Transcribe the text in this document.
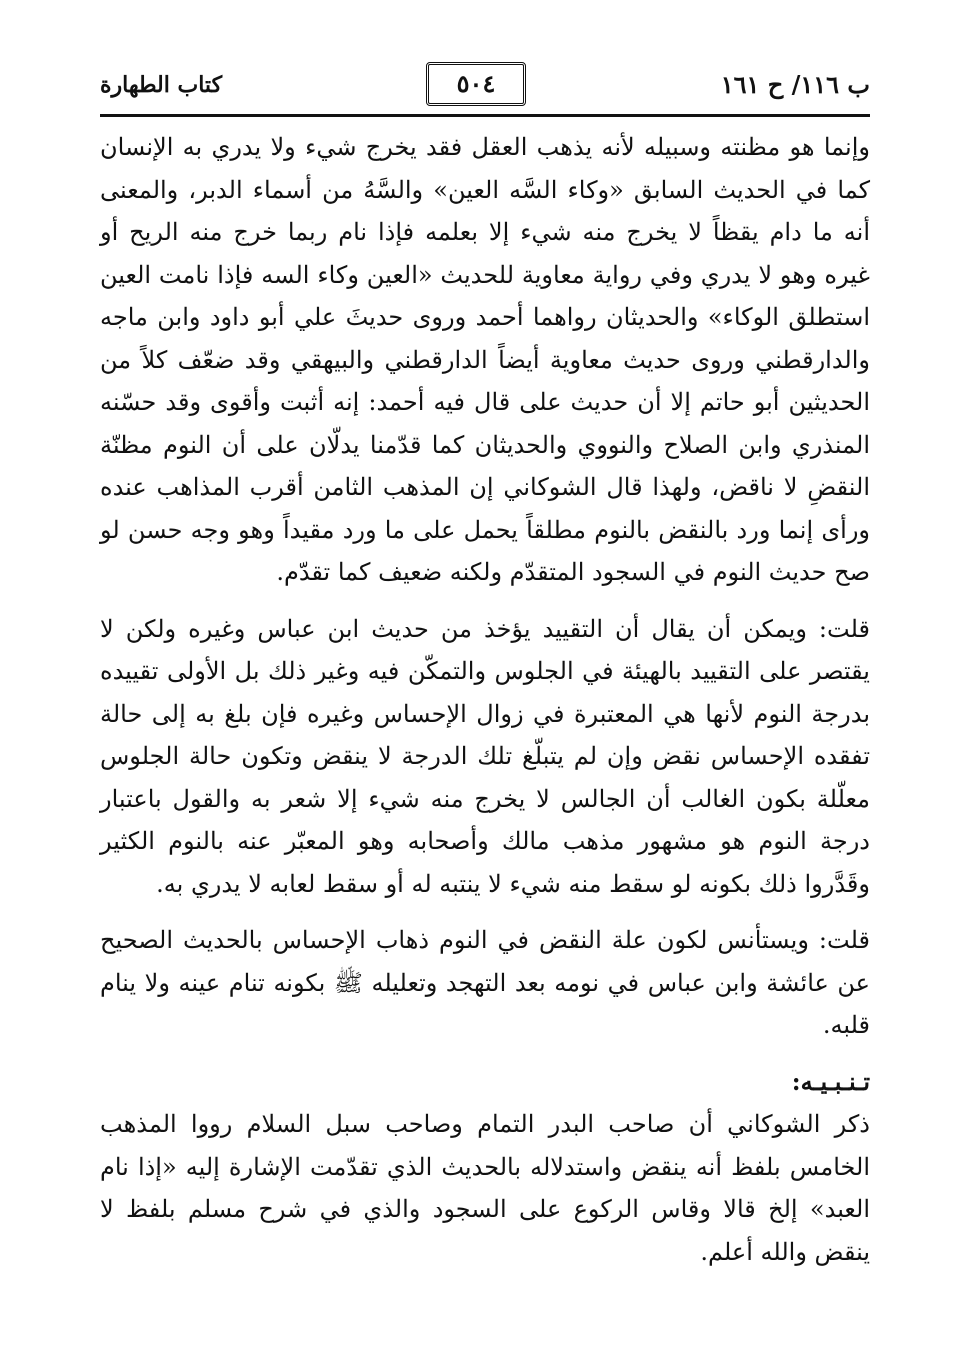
كتاب الطهارة	٥٠٤	ب ١١٦/ ح ١٦١

وإنما هو مظنته وسبيله لأنه يذهب العقل فقد يخرج شيء ولا يدري به الإنسان كما في الحديث السابق «وكاء السَّه العين» والسَّهُ من أسماء الدبر، والمعنى أنه ما دام يقظاً لا يخرج منه شيء إلا بعلمه فإذا نام ربما خرج منه الريح أو غيره وهو لا يدري وفي رواية معاوية للحديث «العين وكاء السه فإذا نامت العين استطلق الوكاء» والحديثان رواهما أحمد وروى حديثَ علي أبو داود وابن ماجه والدارقطني وروى حديث معاوية أيضاً الدارقطني والبيهقي وقد ضعّف كلاً من الحديثين أبو حاتم إلا أن حديث على قال فيه أحمد: إنه أثبت وأقوى وقد حسّنه المنذري وابن الصلاح والنووي والحديثان كما قدّمنا يدلّان على أن النوم مظنّة النقضِ لا ناقض، ولهذا قال الشوكاني إن المذهب الثامن أقرب المذاهب عنده ورأى إنما ورد بالنقض بالنوم مطلقاً يحمل على ما ورد مقيداً وهو وجه حسن لو صح حديث النوم في السجود المتقدّم ولكنه ضعيف كما تقدّم.

قلت: ويمكن أن يقال أن التقييد يؤخذ من حديث ابن عباس وغيره ولكن لا يقتصر على التقييد بالهيئة في الجلوس والتمكّن فيه وغير ذلك بل الأولى تقييده بدرجة النوم لأنها هي المعتبرة في زوال الإحساس وغيره فإن بلغ به إلى حالة تفقده الإحساس نقض وإن لم يتبلّغ تلك الدرجة لا ينقض وتكون حالة الجلوس معلّلة بكون الغالب أن الجالس لا يخرج منه شيء إلا شعر به والقول باعتبار درجة النوم هو مشهور مذهب مالك وأصحابه وهو المعبّر عنه بالنوم الكثير وقَدَّروا ذلك بكونه لو سقط منه شيء لا ينتبه له أو سقط لعابه لا يدري به.

قلت: ويستأنس لكون علة النقض في النوم ذهاب الإحساس بالحديث الصحيح عن عائشة وابن عباس في نومه بعد التهجد وتعليله ﷺ بكونه تنام عينه ولا ينام قلبه.

تـنـبـيـه:

ذكر الشوكاني أن صاحب البدر التمام وصاحب سبل السلام رووا المذهب الخامس بلفظ أنه ينقض واستدلاله بالحديث الذي تقدّمت الإشارة إليه «إذا نام العبد» إلخ قالا وقاس الركوع على السجود والذي في شرح مسلم بلفظ لا ينقض والله أعلم.
